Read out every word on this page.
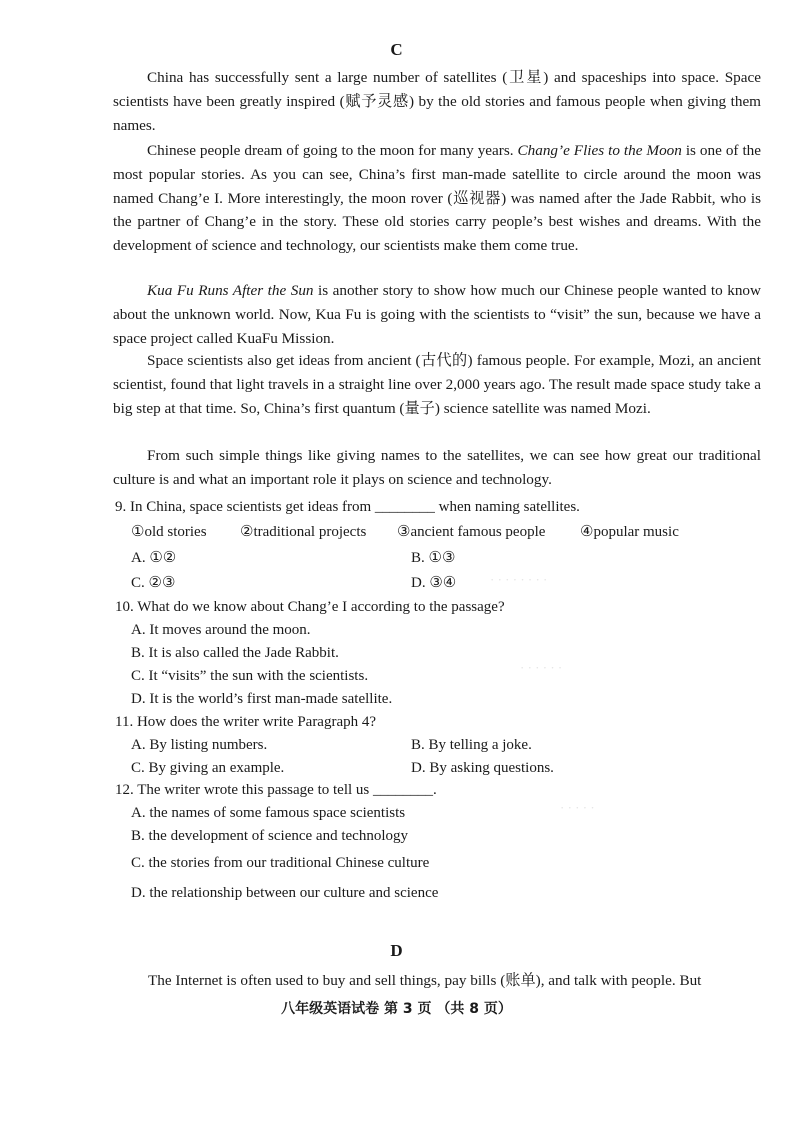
· · · · · · · ·
· · · · · ·
· · · · ·
C
China has successfully sent a large number of satellites (卫星) and spaceships into space. Space scientists have been greatly inspired (赋予灵感) by the old stories and famous people when giving them names.
Chinese people dream of going to the moon for many years. Chang’e Flies to the Moon is one of the most popular stories. As you can see, China’s first man-made satellite to circle around the moon was named Chang’e I. More interestingly, the moon rover (巡视器) was named after the Jade Rabbit, who is the partner of Chang’e in the story. These old stories carry people’s best wishes and dreams. With the development of science and technology, our scientists make them come true.
Kua Fu Runs After the Sun is another story to show how much our Chinese people wanted to know about the unknown world. Now, Kua Fu is going with the scientists to “visit” the sun, because we have a space project called KuaFu Mission.
Space scientists also get ideas from ancient (古代的) famous people. For example, Mozi, an ancient scientist, found that light travels in a straight line over 2,000 years ago. The result made space study take a big step at that time. So, China’s first quantum (量子) science satellite was named Mozi.
From such simple things like giving names to the satellites, we can see how great our traditional culture is and what an important role it plays on science and technology.
9. In China, space scientists get ideas from ________ when naming satellites.
①old stories ②traditional projects ③ancient famous people ④popular music
A. ①②	B. ①③
C. ②③	D. ③④
10. What do we know about Chang’e I according to the passage?
A. It moves around the moon.
B. It is also called the Jade Rabbit.
C. It “visits” the sun with the scientists.
D. It is the world’s first man-made satellite.
11. How does the writer write Paragraph 4?
A. By listing numbers.	B. By telling a joke.
C. By giving an example.	D. By asking questions.
12. The writer wrote this passage to tell us ________.
A. the names of some famous space scientists
B. the development of science and technology
C. the stories from our traditional Chinese culture
D. the relationship between our culture and science
D
The Internet is often used to buy and sell things, pay bills (账单), and talk with people. But
八年级英语试卷 第 3 页 （共 8 页）
